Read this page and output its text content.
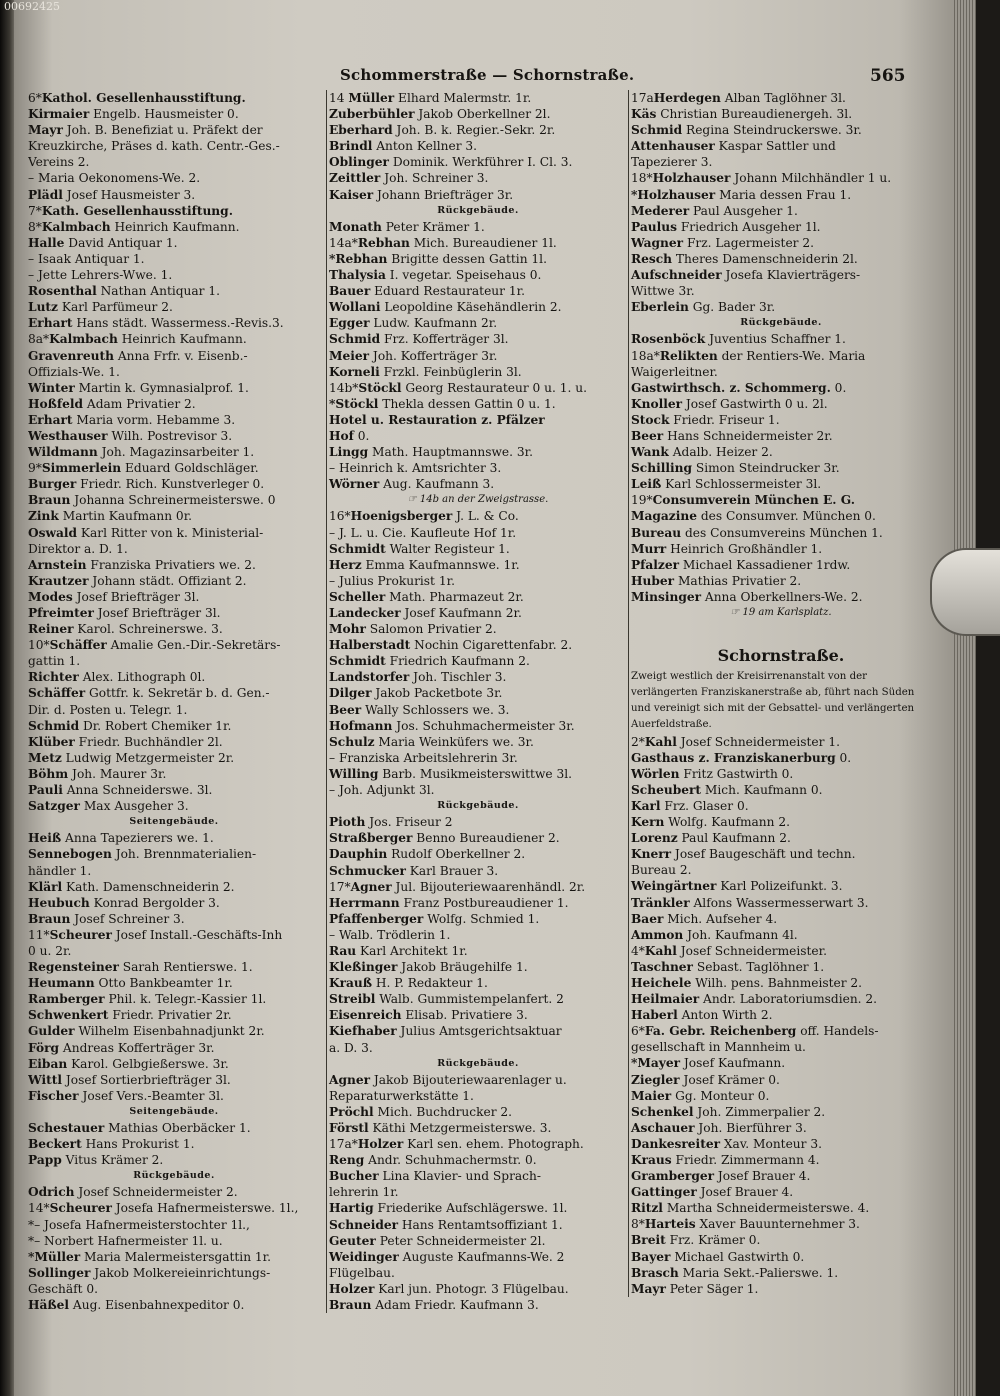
00692425
Schommerstraße — Schornstraße.	565
6*Kathol. Gesellenhausstiftung.
Kirmaier Engelb. Hausmeister 0.
Mayr Joh. B. Benefiziat u. Präfekt der
Kreuzkirche, Präses d. kath. Centr.-Ges.-
Vereins 2.
– Maria Oekonomens-We. 2.
Plädl Josef Hausmeister 3.
7*Kath. Gesellenhausstiftung.
8*Kalmbach Heinrich Kaufmann.
Halle David Antiquar 1.
– Isaak Antiquar 1.
– Jette Lehrers-Wwe. 1.
Rosenthal Nathan Antiquar 1.
Lutz Karl Parfümeur 2.
Erhart Hans städt. Wassermess.-Revis.3.
8a*Kalmbach Heinrich Kaufmann.
Gravenreuth Anna Frfr. v. Eisenb.-
Offizials-We. 1.
Winter Martin k. Gymnasialprof. 1.
Hoßfeld Adam Privatier 2.
Erhart Maria vorm. Hebamme 3.
Westhauser Wilh. Postrevisor 3.
Wildmann Joh. Magazinsarbeiter 1.
9*Simmerlein Eduard Goldschläger.
Burger Friedr. Rich. Kunstverleger 0.
Braun Johanna Schreinermeisterswe. 0
Zink Martin Kaufmann 0r.
Oswald Karl Ritter von k. Ministerial-
Direktor a. D. 1.
Arnstein Franziska Privatiers we. 2.
Krautzer Johann städt. Offiziant 2.
Modes Josef Briefträger 3l.
Pfreimter Josef Briefträger 3l.
Reiner Karol. Schreinerswe. 3.
10*Schäffer Amalie Gen.-Dir.-Sekretärs-
gattin 1.
Richter Alex. Lithograph 0l.
Schäffer Gottfr. k. Sekretär b. d. Gen.-
Dir. d. Posten u. Telegr. 1.
Schmid Dr. Robert Chemiker 1r.
Klüber Friedr. Buchhändler 2l.
Metz Ludwig Metzgermeister 2r.
Böhm Joh. Maurer 3r.
Pauli Anna Schneiderswe. 3l.
Satzger Max Ausgeher 3.
Seitengebäude.
Heiß Anna Tapezierers we. 1.
Sennebogen Joh. Brennmaterialien-
händler 1.
Klärl Kath. Damenschneiderin 2.
Heubuch Konrad Bergolder 3.
Braun Josef Schreiner 3.
11*Scheurer Josef Install.-Geschäfts-Inh
0 u. 2r.
Regensteiner Sarah Rentierswe. 1.
Heumann Otto Bankbeamter 1r.
Ramberger Phil. k. Telegr.-Kassier 1l.
Schwenkert Friedr. Privatier 2r.
Gulder Wilhelm Eisenbahnadjunkt 2r.
Förg Andreas Kofferträger 3r.
Eiban Karol. Gelbgießerswe. 3r.
Wittl Josef Sortierbriefträger 3l.
Fischer Josef Vers.-Beamter 3l.
Seitengebäude.
Schestauer Mathias Oberbäcker 1.
Beckert Hans Prokurist 1.
Papp Vitus Krämer 2.
Rückgebäude.
Odrich Josef Schneidermeister 2.
14*Scheurer Josefa Hafnermeisterswe. 1l.,
*– Josefa Hafnermeisterstochter 1l.,
*– Norbert Hafnermeister 1l. u.
*Müller Maria Malermeistersgattin 1r.
Sollinger Jakob Molkereieinrichtungs-
Geschäft 0.
Häßel Aug. Eisenbahnexpeditor 0.
14 Müller Elhard Malermstr. 1r.
Zuberbühler Jakob Oberkellner 2l.
Eberhard Joh. B. k. Regier.-Sekr. 2r.
Brindl Anton Kellner 3.
Oblinger Dominik. Werkführer I. Cl. 3.
Zeittler Joh. Schreiner 3.
Kaiser Johann Briefträger 3r.
Rückgebäude.
Monath Peter Krämer 1.
14a*Rebhan Mich. Bureaudiener 1l.
*Rebhan Brigitte dessen Gattin 1l.
Thalysia I. vegetar. Speisehaus 0.
Bauer Eduard Restaurateur 1r.
Wollani Leopoldine Käsehändlerin 2.
Egger Ludw. Kaufmann 2r.
Schmid Frz. Kofferträger 3l.
Meier Joh. Kofferträger 3r.
Korneli Frzkl. Feinbüglerin 3l.
14b*Stöckl Georg Restaurateur 0 u. 1. u.
*Stöckl Thekla dessen Gattin 0 u. 1.
Hotel u. Restauration z. Pfälzer
Hof 0.
Lingg Math. Hauptmannswe. 3r.
– Heinrich k. Amtsrichter 3.
Wörner Aug. Kaufmann 3.
☞ 14b an der Zweigstrasse.
16*Hoenigsberger J. L. & Co.
– J. L. u. Cie. Kaufleute Hof 1r.
Schmidt Walter Registeur 1.
Herz Emma Kaufmannswe. 1r.
– Julius Prokurist 1r.
Scheller Math. Pharmazeut 2r.
Landecker Josef Kaufmann 2r.
Mohr Salomon Privatier 2.
Halberstadt Nochin Cigarettenfabr. 2.
Schmidt Friedrich Kaufmann 2.
Landstorfer Joh. Tischler 3.
Dilger Jakob Packetbote 3r.
Beer Wally Schlossers we. 3.
Hofmann Jos. Schuhmachermeister 3r.
Schulz Maria Weinküfers we. 3r.
– Franziska Arbeitslehrerin 3r.
Willing Barb. Musikmeisterswittwe 3l.
– Joh. Adjunkt 3l.
Rückgebäude.
Pioth Jos. Friseur 2
Straßberger Benno Bureaudiener 2.
Dauphin Rudolf Oberkellner 2.
Schmucker Karl Brauer 3.
17*Agner Jul. Bijouteriewaarenhändl. 2r.
Herrmann Franz Postbureaudiener 1.
Pfaffenberger Wolfg. Schmied 1.
– Walb. Trödlerin 1.
Rau Karl Architekt 1r.
Kleßinger Jakob Bräugehilfe 1.
Krauß H. P. Redakteur 1.
Streibl Walb. Gummistempelanfert. 2
Eisenreich Elisab. Privatiere 3.
Kiefhaber Julius Amtsgerichtsaktuar
a. D. 3.
Rückgebäude.
Agner Jakob Bijouteriewaarenlager u.
Reparaturwerkstätte 1.
Pröchl Mich. Buchdrucker 2.
Förstl Käthi Metzgermeisterswe. 3.
17a*Holzer Karl sen. ehem. Photograph.
Reng Andr. Schuhmachermstr. 0.
Bucher Lina Klavier- und Sprach-
lehrerin 1r.
Hartig Friederike Aufschlägerswe. 1l.
Schneider Hans Rentamtsoffiziant 1.
Geuter Peter Schneidermeister 2l.
Weidinger Auguste Kaufmanns-We. 2
Flügelbau.
Holzer Karl jun. Photogr. 3 Flügelbau.
Braun Adam Friedr. Kaufmann 3.
17aHerdegen Alban Taglöhner 3l.
Käs Christian Bureaudienergeh. 3l.
Schmid Regina Steindruckerswe. 3r.
Attenhauser Kaspar Sattler und
Tapezierer 3.
18*Holzhauser Johann Milchhändler 1 u.
*Holzhauser Maria dessen Frau 1.
Mederer Paul Ausgeher 1.
Paulus Friedrich Ausgeher 1l.
Wagner Frz. Lagermeister 2.
Resch Theres Damenschneiderin 2l.
Aufschneider Josefa Klavierträgers-
Wittwe 3r.
Eberlein Gg. Bader 3r.
Rückgebäude.
Rosenböck Juventius Schaffner 1.
18a*Relikten der Rentiers-We. Maria
Waigerleitner.
Gastwirthsch. z. Schommerg. 0.
Knoller Josef Gastwirth 0 u. 2l.
Stock Friedr. Friseur 1.
Beer Hans Schneidermeister 2r.
Wank Adalb. Heizer 2.
Schilling Simon Steindrucker 3r.
Leiß Karl Schlossermeister 3l.
19*Consumverein München E. G.
Magazine des Consumver. München 0.
Bureau des Consumvereins München 1.
Murr Heinrich Großhändler 1.
Pfalzer Michael Kassadiener 1rdw.
Huber Mathias Privatier 2.
Minsinger Anna Oberkellners-We. 2.
☞ 19 am Karlsplatz.
Schornstraße.
Zweigt westlich der Kreisirrenanstalt von der
verlängerten Franziskanerstraße ab, führt nach Süden
und vereinigt sich mit der Gebsattel- und verlängerten
Auerfeldstraße.
2*Kahl Josef Schneidermeister 1.
Gasthaus z. Franziskanerburg 0.
Wörlen Fritz Gastwirth 0.
Scheubert Mich. Kaufmann 0.
Karl Frz. Glaser 0.
Kern Wolfg. Kaufmann 2.
Lorenz Paul Kaufmann 2.
Knerr Josef Baugeschäft und techn.
Bureau 2.
Weingärtner Karl Polizeifunkt. 3.
Tränkler Alfons Wassermesserwart 3.
Baer Mich. Aufseher 4.
Ammon Joh. Kaufmann 4l.
4*Kahl Josef Schneidermeister.
Taschner Sebast. Taglöhner 1.
Heichele Wilh. pens. Bahnmeister 2.
Heilmaier Andr. Laboratoriumsdien. 2.
Haberl Anton Wirth 2.
6*Fa. Gebr. Reichenberg off. Handels-
gesellschaft in Mannheim u.
*Mayer Josef Kaufmann.
Ziegler Josef Krämer 0.
Maier Gg. Monteur 0.
Schenkel Joh. Zimmerpalier 2.
Aschauer Joh. Bierführer 3.
Dankesreiter Xav. Monteur 3.
Kraus Friedr. Zimmermann 4.
Gramberger Josef Brauer 4.
Gattinger Josef Brauer 4.
Ritzl Martha Schneidermeisterswe. 4.
8*Harteis Xaver Bauunternehmer 3.
Breit Frz. Krämer 0.
Bayer Michael Gastwirth 0.
Brasch Maria Sekt.-Palierswe. 1.
Mayr Peter Säger 1.
